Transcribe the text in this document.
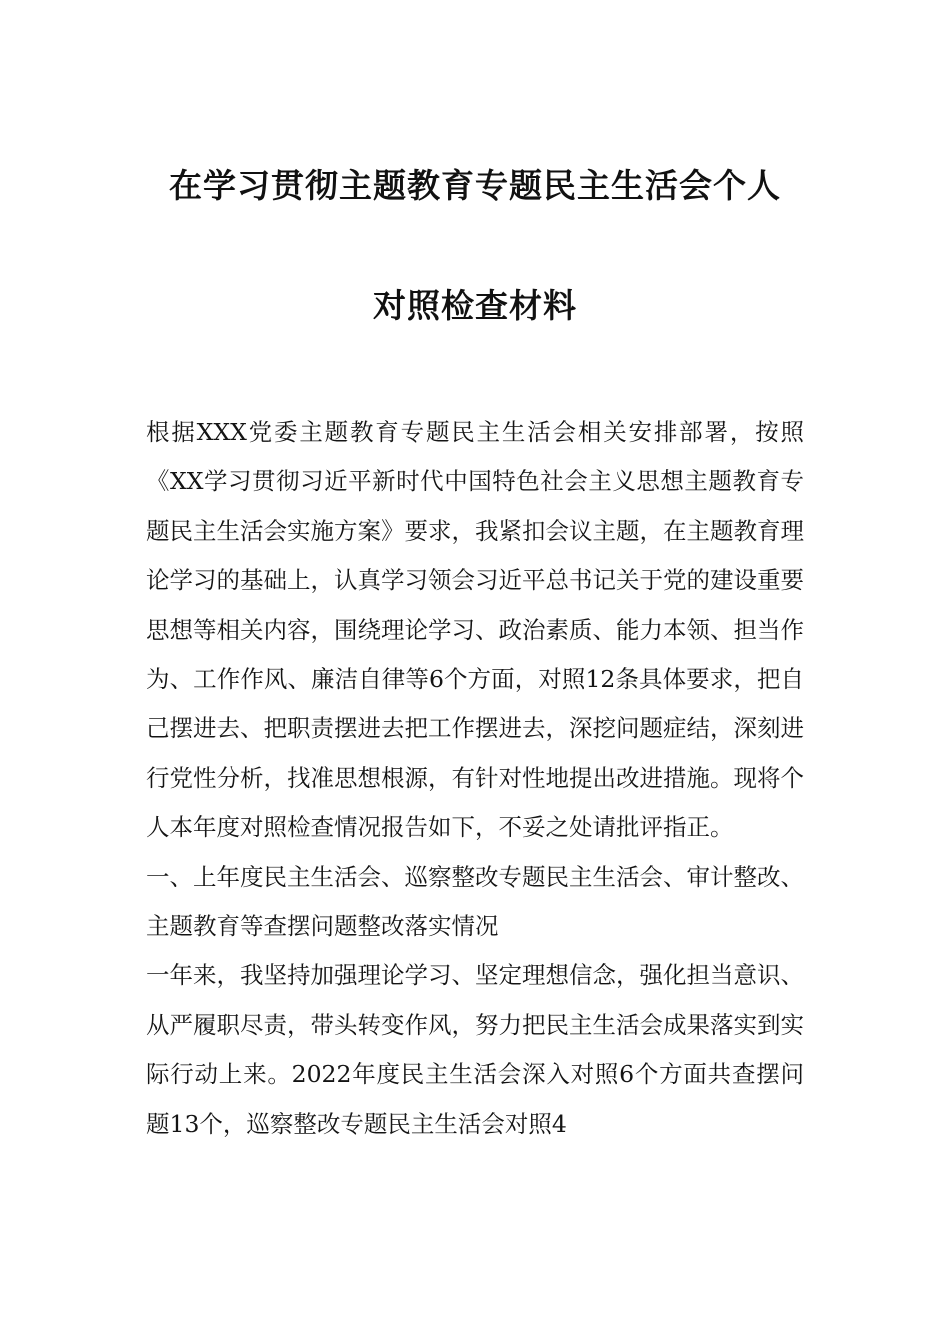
在学习贯彻主题教育专题民主生活会个人
对照检查材料

根据XXX党委主题教育专题民主生活会相关安排部署，按照《XX学习贯彻习近平新时代中国特色社会主义思想主题教育专题民主生活会实施方案》要求，我紧扣会议主题，在主题教育理论学习的基础上，认真学习领会习近平总书记关于党的建设重要思想等相关内容，围绕理论学习、政治素质、能力本领、担当作为、工作作风、廉洁自律等6个方面，对照12条具体要求，把自己摆进去、把职责摆进去把工作摆进去，深挖问题症结，深刻进行党性分析，找准思想根源，有针对性地提出改进措施。现将个人本年度对照检查情况报告如下，不妥之处请批评指正。

一、上年度民主生活会、巡察整改专题民主生活会、审计整改、主题教育等查摆问题整改落实情况

一年来，我坚持加强理论学习、坚定理想信念，强化担当意识、从严履职尽责，带头转变作风，努力把民主生活会成果落实到实际行动上来。2022年度民主生活会深入对照6个方面共查摆问题13个，巡察整改专题民主生活会对照4
